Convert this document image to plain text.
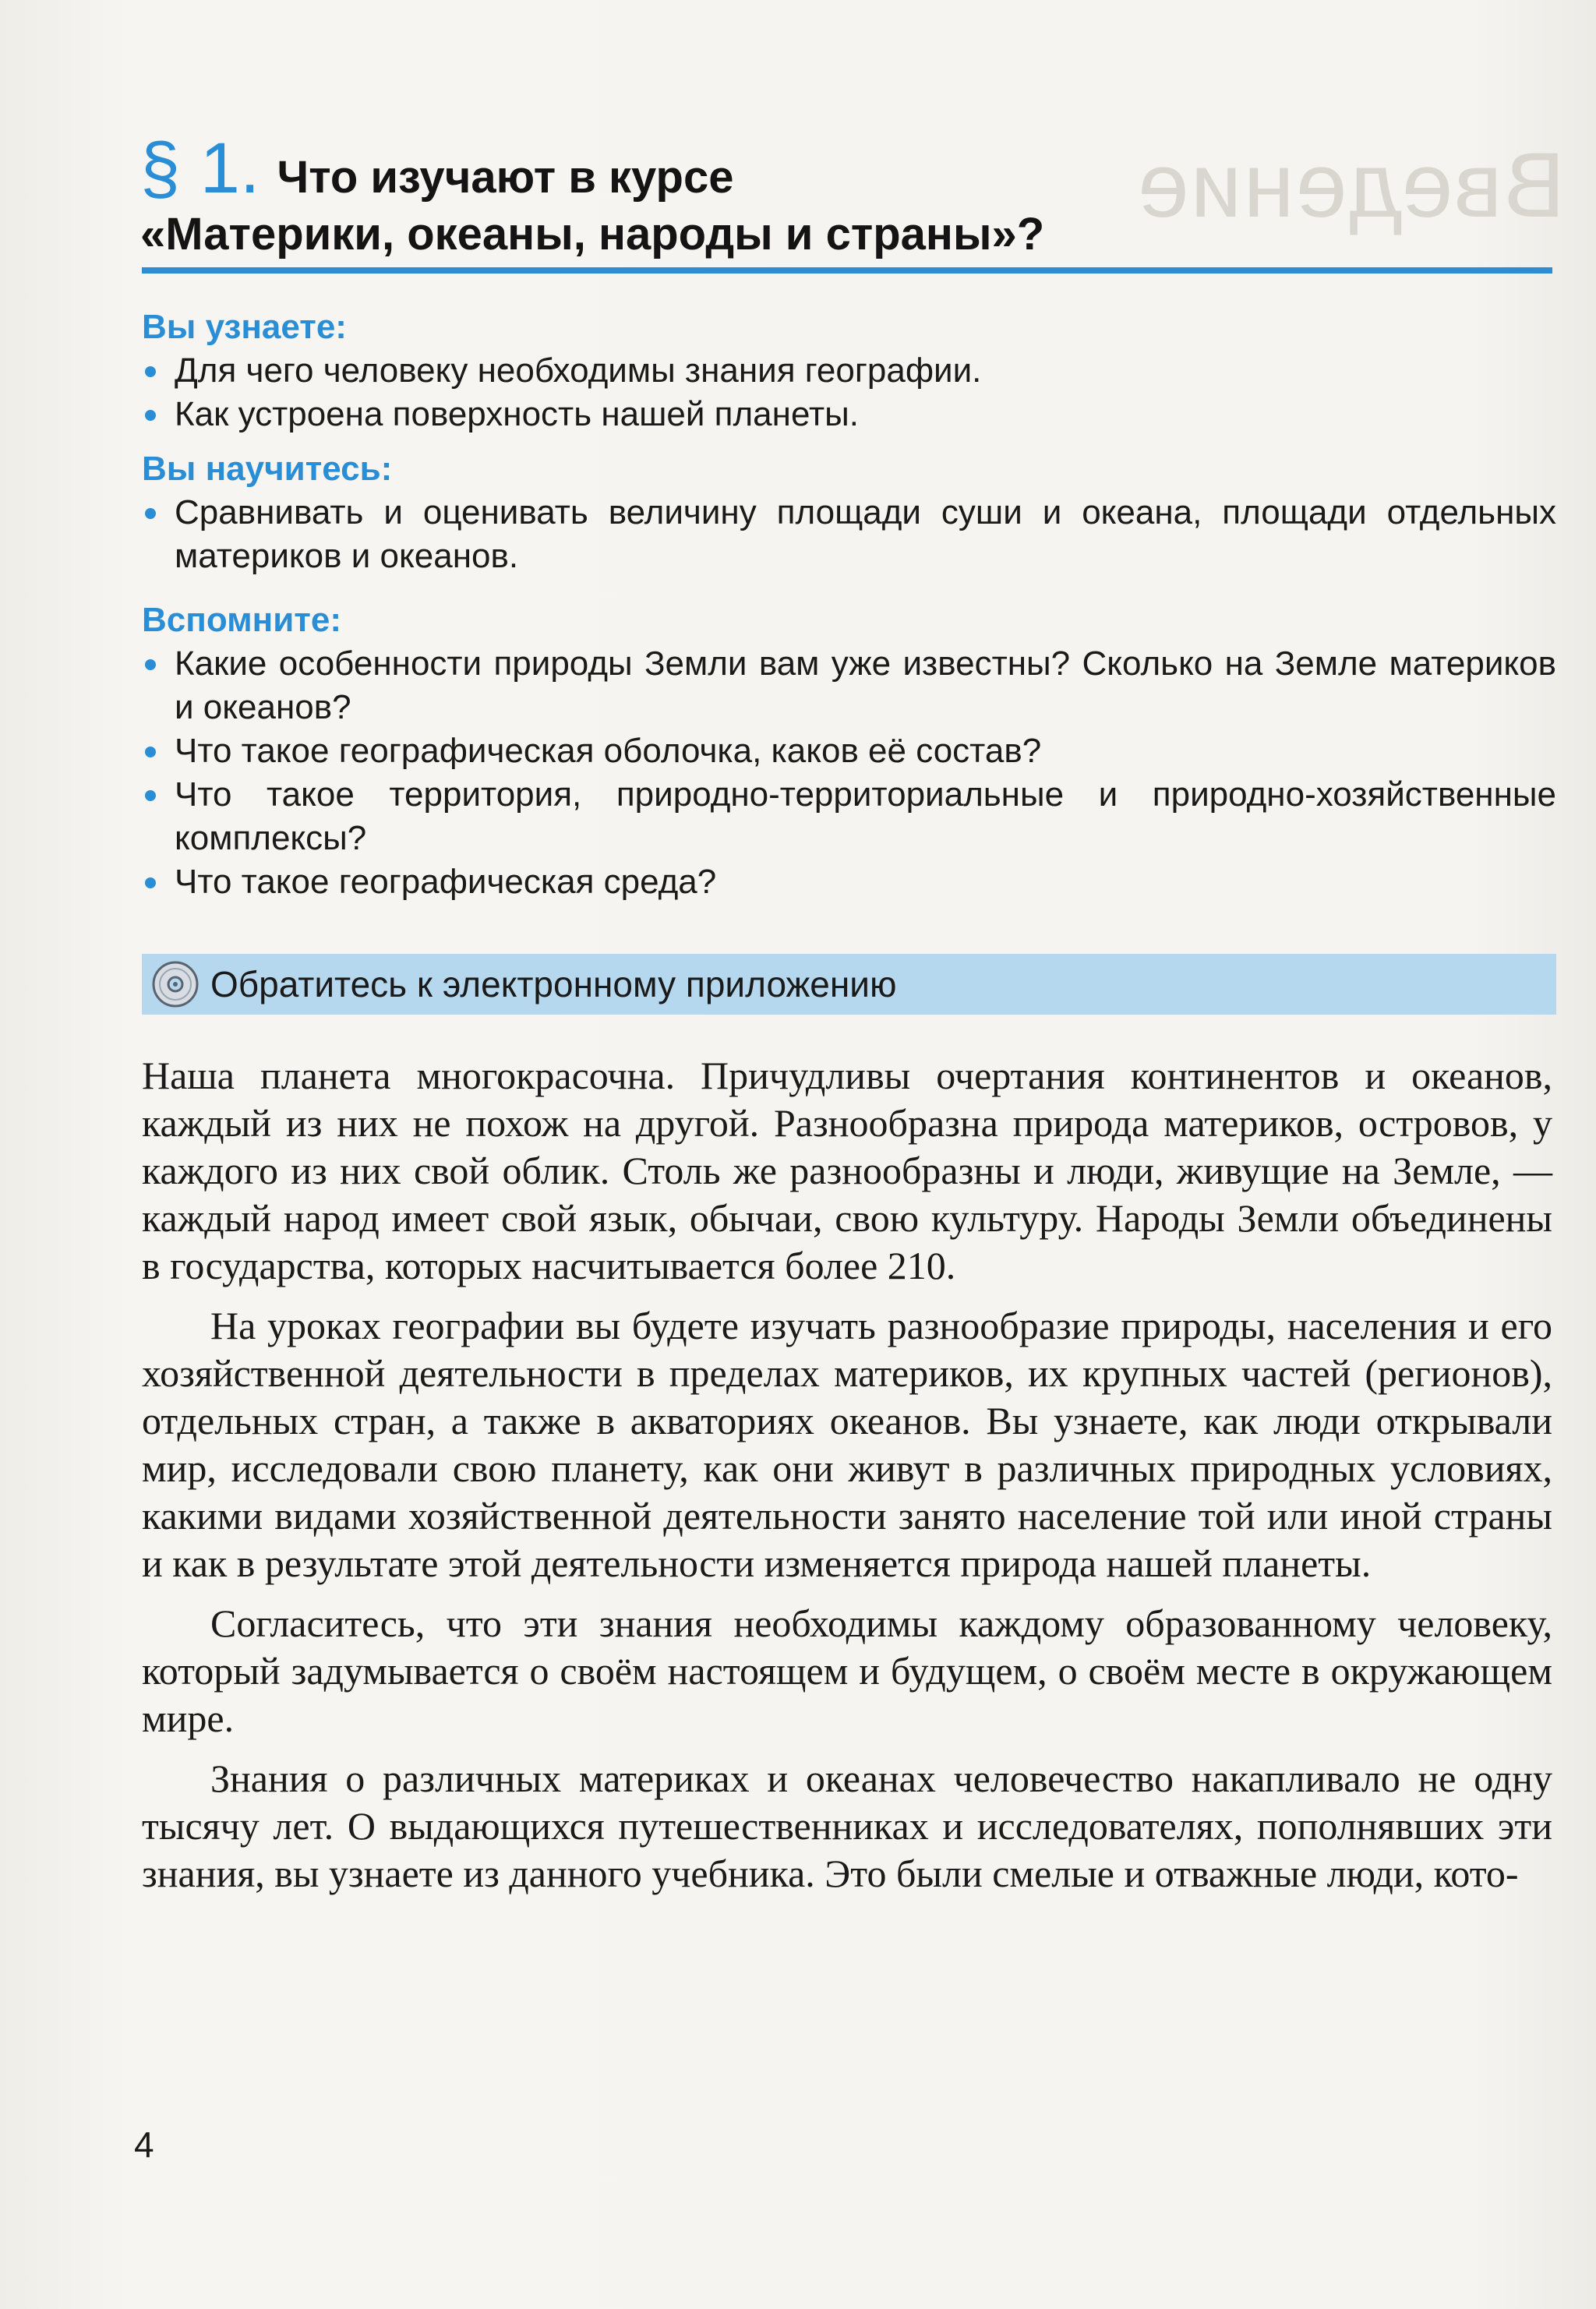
Введение
§ 1. Что изучают в курсе
«Материки, океаны, народы и страны»?
Вы узнаете:
Для чего человеку необходимы знания географии.
Как устроена поверхность нашей планеты.
Вы научитесь:
Сравнивать и оценивать величину площади суши и океана, площади отдельных материков и океанов.
Вспомните:
Какие особенности природы Земли вам уже известны? Сколько на Земле материков и океанов?
Что такое географическая оболочка, каков её состав?
Что такое территория, природно-территориальные и природно-хозяйственные комплексы?
Что такое географическая среда?
Обратитесь к электронному приложению

Наша планета многокрасочна. Причудливы очертания континентов и океанов, каждый из них не похож на другой. Разнообразна природа материков, островов, у каждого из них свой облик. Столь же разнообразны и люди, живущие на Земле, — каждый народ имеет свой язык, обычаи, свою культуру. Народы Земли объединены в государства, которых насчитывается более 210.

На уроках географии вы будете изучать разнообразие природы, населения и его хозяйственной деятельности в пределах материков, их крупных частей (регионов), отдельных стран, а также в акваториях океанов. Вы узнаете, как люди открывали мир, исследовали свою планету, как они живут в различных природных условиях, какими видами хозяйственной деятельности занято население той или иной страны и как в результате этой деятельности изменяется природа нашей планеты.

Согласитесь, что эти знания необходимы каждому образованному человеку, который задумывается о своём настоящем и будущем, о своём месте в окружающем мире.

Знания о различных материках и океанах человечество накапливало не одну тысячу лет. О выдающихся путешественниках и исследователях, пополнявших эти знания, вы узнаете из данного учебника. Это были смелые и отважные люди, кото-

4
